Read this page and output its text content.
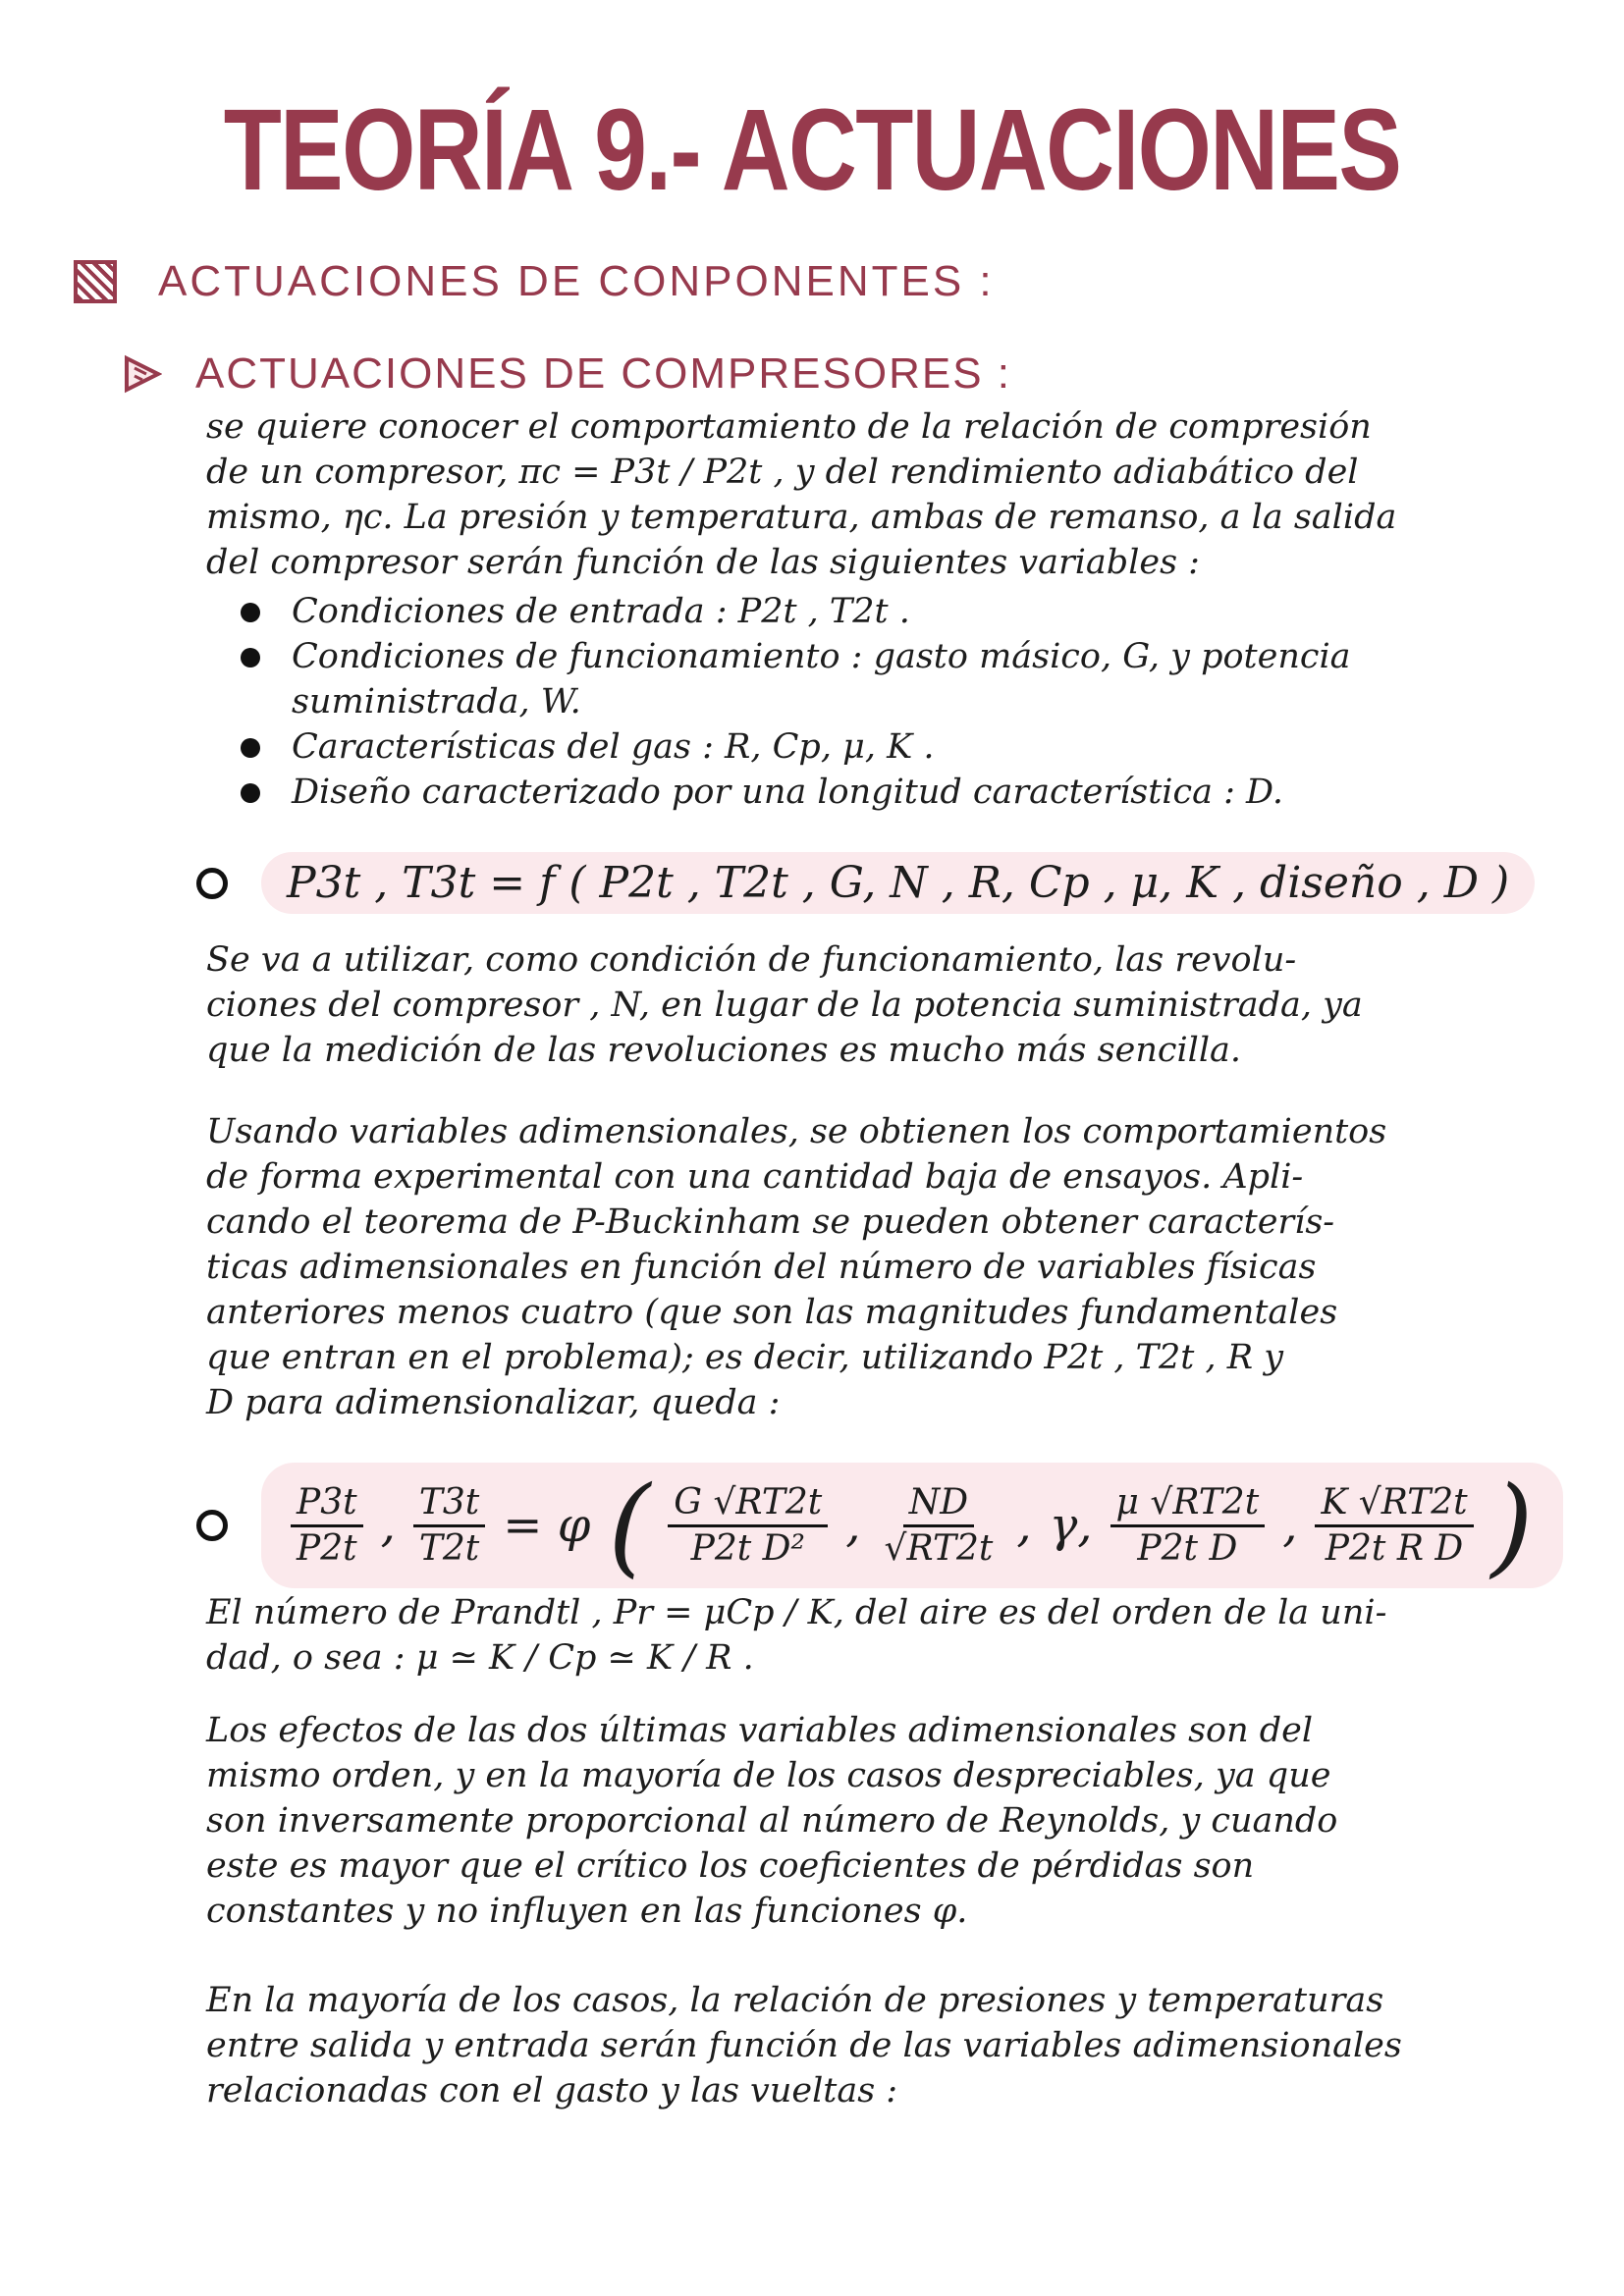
TEORÍA 9.- ACTUACIONES
ACTUACIONES DE CONPONENTES :
ACTUACIONES DE COMPRESORES :
se quiere conocer el comportamiento de la relación de compresión
de un compresor, πc = P3t / P2t , y del rendimiento adiabático del
mismo, ηc. La presión y temperatura, ambas de remanso, a la salida
del compresor serán función de las siguientes variables :
Condiciones de entrada : P2t , T2t .
Condiciones de funcionamiento : gasto másico, G, y potencia suministrada, W.
Características del gas : R, Cp, μ, K .
Diseño caracterizado por una longitud característica : D.
P3t , T3t = f ( P2t , T2t , G, N , R, Cp , μ, K , diseño , D )
Se va a utilizar, como condición de funcionamiento, las revolu-
ciones del compresor , N, en lugar de la potencia suministrada, ya
que la medición de las revoluciones es mucho más sencilla.
Usando variables adimensionales, se obtienen los comportamientos
de forma experimental con una cantidad baja de ensayos. Apli-
cando el teorema de P-Buckinham se pueden obtener caracterís-
ticas adimensionales en función del número de variables físicas
anteriores menos cuatro (que son las magnitudes fundamentales
que entran en el problema); es decir, utilizando P2t , T2t , R y
D para adimensionalizar, queda :
$\frac{P3t}{P2t}$ , $\frac{T3t}{T2t} = \varphi$ ( $\frac{G √RT2t}{\text{P2t D²}}$ , $\frac{ND}{√RT2t}$ , γ, $\frac{\mu √RT2t}{\text{P2t D}}$ , $\frac{K √RT2t}{\text{P2t R D}}$ )
El número de Prandtl , Pr = μCp / K, del aire es del orden de la uni-
dad, o sea : μ ≃ K / Cp ≃ K / R .
Los efectos de las dos últimas variables adimensionales son del
mismo orden, y en la mayoría de los casos despreciables, ya que
son inversamente proporcional al número de Reynolds, y cuando
este es mayor que el crítico los coeficientes de pérdidas son
constantes y no influyen en las funciones φ.
En la mayoría de los casos, la relación de presiones y temperaturas
entre salida y entrada serán función de las variables adimensionales
relacionadas con el gasto y las vueltas :
